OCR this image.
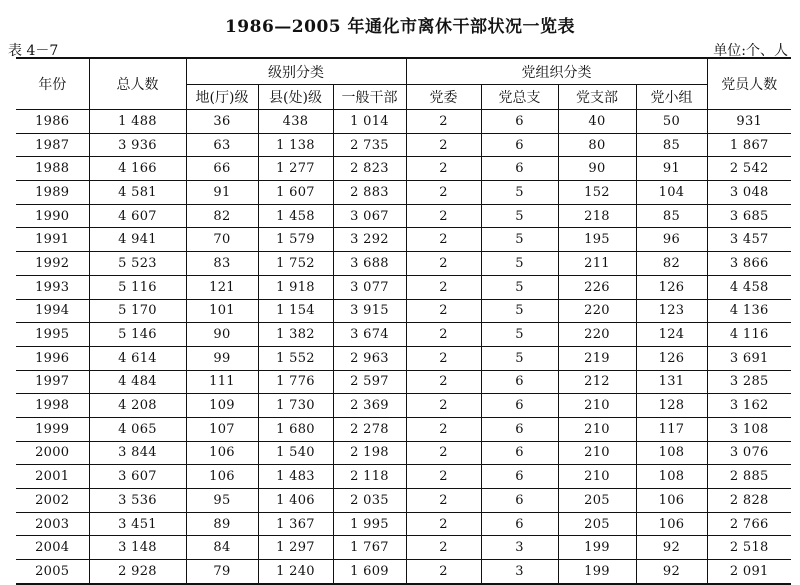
1986—2005 年通化市离休干部状况一览表
表 4－7	单位:个、人
年份	总人数	级别分类			党组织分类				党员人数
		地(厅)级	县(处)级	一般干部	党委	党总支	党支部	党小组	
1986	1 488	36	438	1 014	2	6	40	50	931
1987	3 936	63	1 138	2 735	2	6	80	85	1 867
1988	4 166	66	1 277	2 823	2	6	90	91	2 542
1989	4 581	91	1 607	2 883	2	5	152	104	3 048
1990	4 607	82	1 458	3 067	2	5	218	85	3 685
1991	4 941	70	1 579	3 292	2	5	195	96	3 457
1992	5 523	83	1 752	3 688	2	5	211	82	3 866
1993	5 116	121	1 918	3 077	2	5	226	126	4 458
1994	5 170	101	1 154	3 915	2	5	220	123	4 136
1995	5 146	90	1 382	3 674	2	5	220	124	4 116
1996	4 614	99	1 552	2 963	2	5	219	126	3 691
1997	4 484	111	1 776	2 597	2	6	212	131	3 285
1998	4 208	109	1 730	2 369	2	6	210	128	3 162
1999	4 065	107	1 680	2 278	2	6	210	117	3 108
2000	3 844	106	1 540	2 198	2	6	210	108	3 076
2001	3 607	106	1 483	2 118	2	6	210	108	2 885
2002	3 536	95	1 406	2 035	2	6	205	106	2 828
2003	3 451	89	1 367	1 995	2	6	205	106	2 766
2004	3 148	84	1 297	1 767	2	3	199	92	2 518
2005	2 928	79	1 240	1 609	2	3	199	92	2 091
